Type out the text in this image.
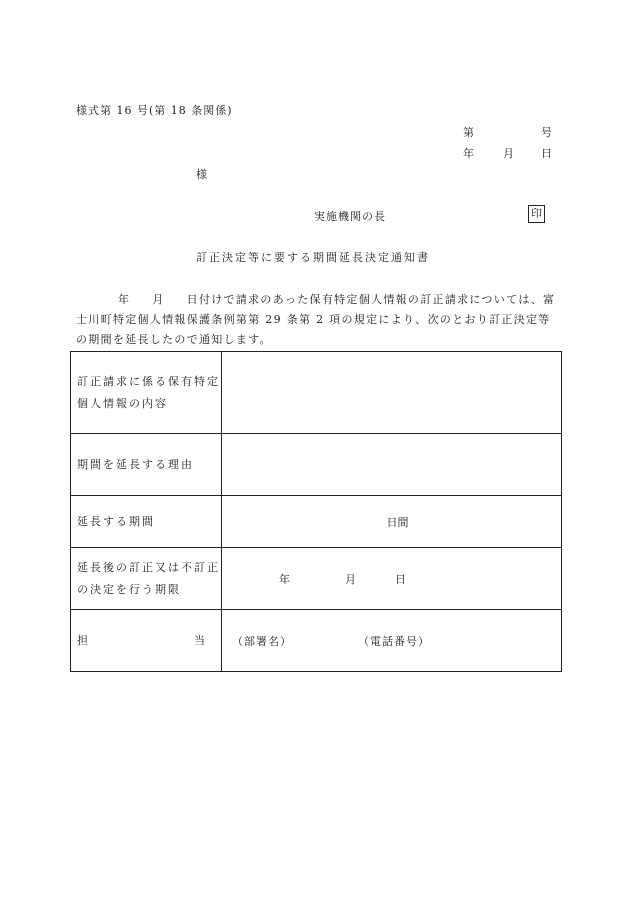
様式第 16 号(第 18 条関係)
第	号
年	月 日
様
実施機関の長	印
訂正決定等に要する期間延長決定通知書
年 月 日付けで請求のあった保有特定個人情報の訂正請求については、富士川町特定個人情報保護条例第第 29 条第 2 項の規定により、次のとおり訂正決定等の期間を延長したので通知します。
訂正請求に係る保有特定個人情報の内容	
期間を延長する理由	
延長する期間	日間
延長後の訂正又は不訂正の決定を行う期限	年 月 日

担 当	（部署名） （電話番号）
